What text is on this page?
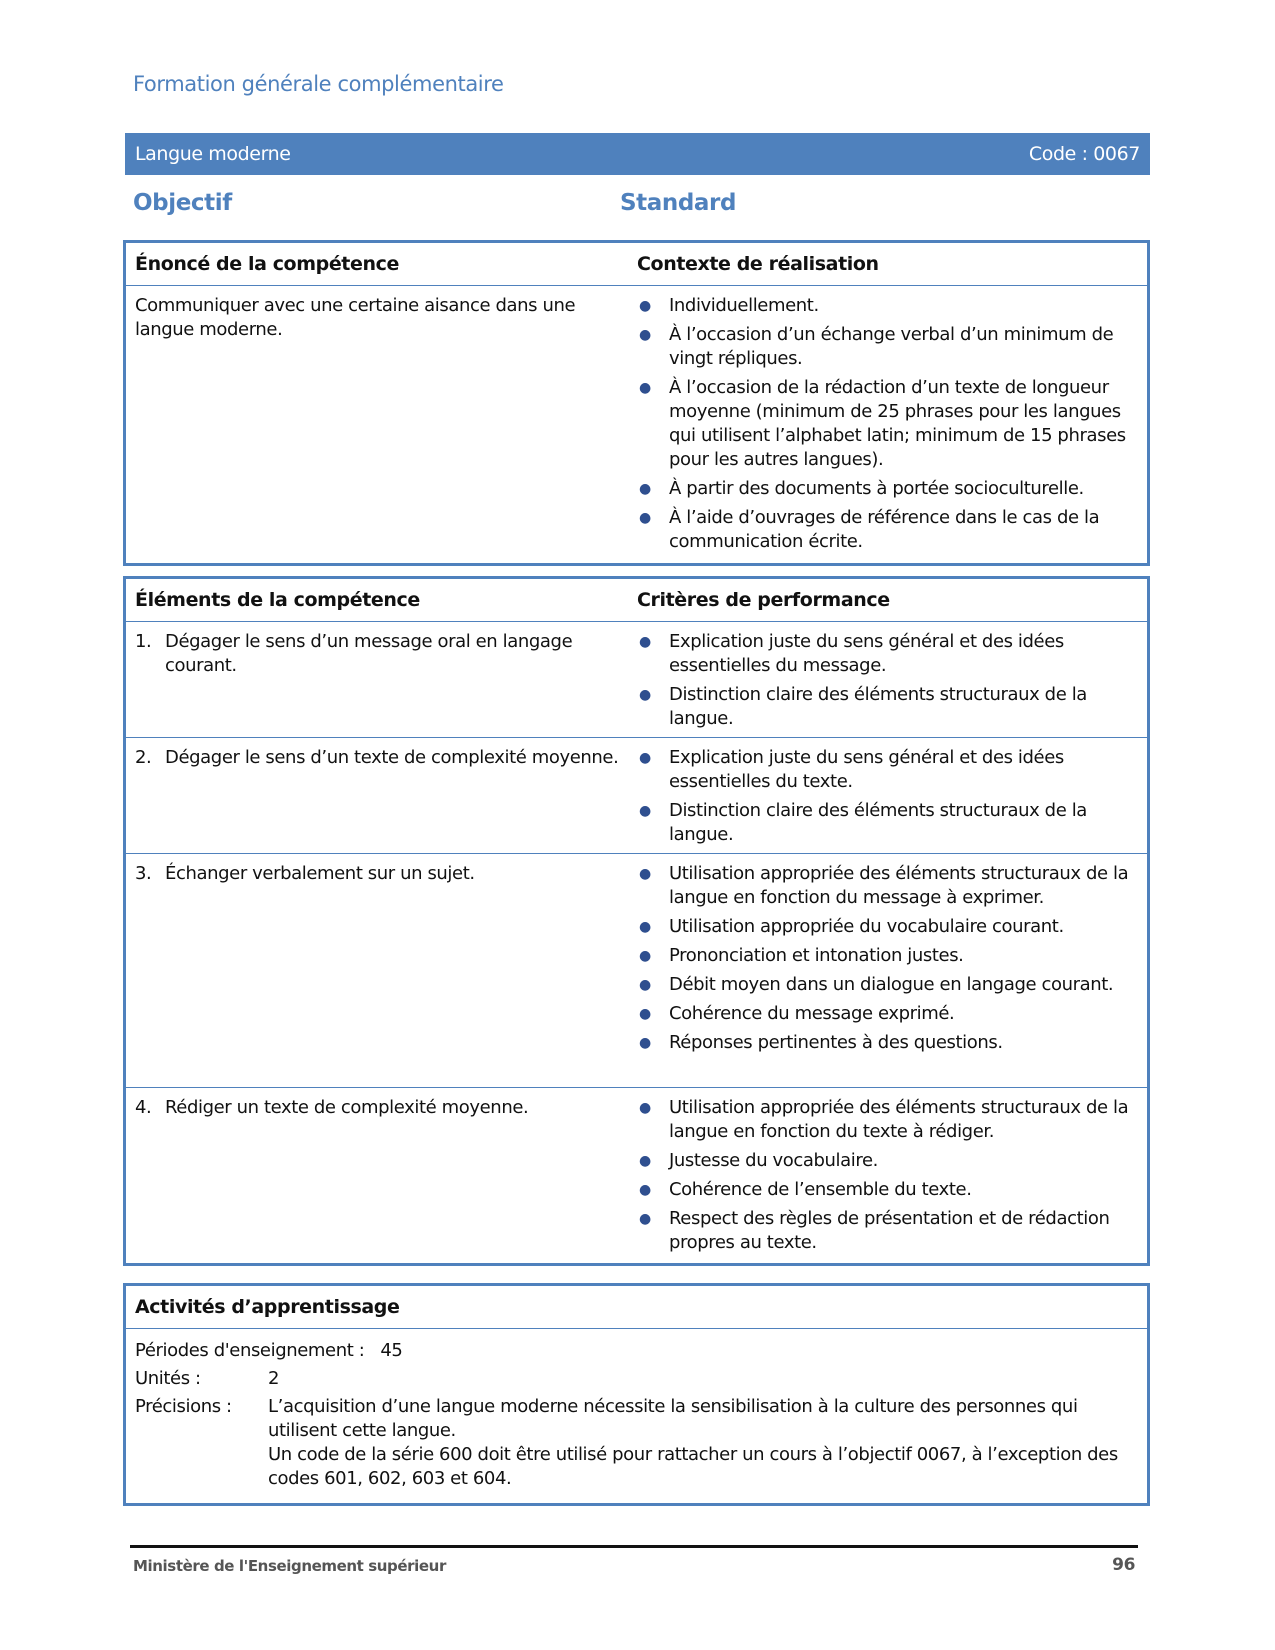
Formation générale complémentaire
Langue moderne	Code : 0067
Objectif	Standard
Énoncé de la compétence	Contexte de réalisation
Communiquer avec une certaine aisance dans une langue moderne.
●	Individuellement.
●	À l’occasion d’un échange verbal d’un minimum de vingt répliques.
●	À l’occasion de la rédaction d’un texte de longueur moyenne (minimum de 25 phrases pour les langues qui utilisent l’alphabet latin; minimum de 15 phrases pour les autres langues).
●	À partir des documents à portée socioculturelle.
●	À l’aide d’ouvrages de référence dans le cas de la communication écrite.
Éléments de la compétence	Critères de performance
1. Dégager le sens d’un message oral en langage courant.
●	Explication juste du sens général et des idées essentielles du message.
●	Distinction claire des éléments structuraux de la langue.
2. Dégager le sens d’un texte de complexité moyenne. ●	Explication juste du sens général et des idées essentielles du texte.
●	Distinction claire des éléments structuraux de la langue.
3. Échanger verbalement sur un sujet.	●	Utilisation appropriée des éléments structuraux de la langue en fonction du message à exprimer.
●	Utilisation appropriée du vocabulaire courant.
●	Prononciation et intonation justes.
●	Débit moyen dans un dialogue en langage courant.
●	Cohérence du message exprimé.
●	Réponses pertinentes à des questions.
4. Rédiger un texte de complexité moyenne.	●	Utilisation appropriée des éléments structuraux de la langue en fonction du texte à rédiger.
●	Justesse du vocabulaire.
●	Cohérence de l’ensemble du texte.
●	Respect des règles de présentation et de rédaction propres au texte.
Activités d’apprentissage
Périodes d'enseignement :
45
Unités :	2
Précisions :	L’acquisition d’une langue moderne nécessite la sensibilisation à la culture des personnes qui utilisent cette langue.
Un code de la série 600 doit être utilisé pour rattacher un cours à l’objectif 0067, à l’exception des codes 601, 602, 603 et 604.
Ministère de l'Enseignement supérieur	96
